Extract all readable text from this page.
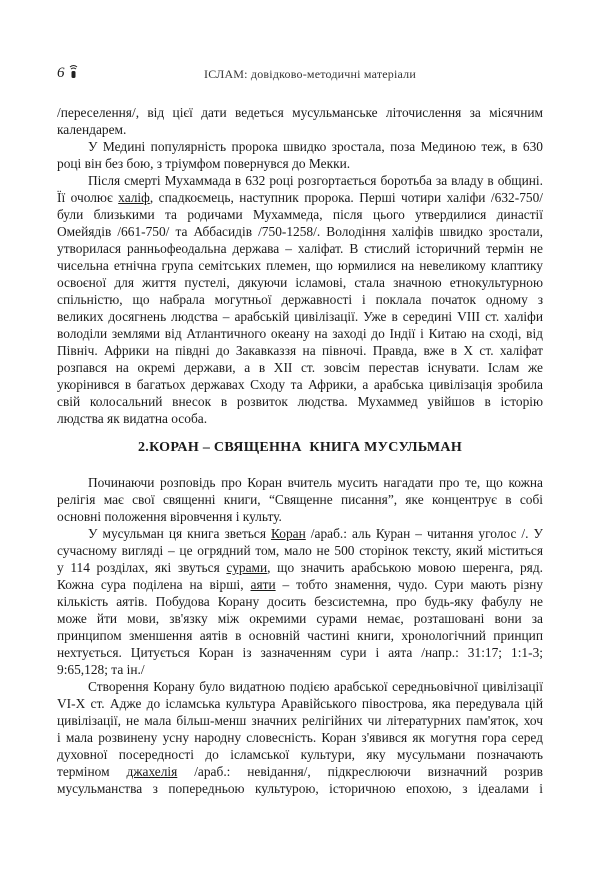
6	ІСЛАМ: довідково-методичні матеріали
/переселення/, від цієї дати ведеться мусульманське літочислення за місячним
календарем.
У Медині популярність пророка швидко зростала, поза Мединою теж, в 630
році він без бою, з тріумфом повернувся до Мекки.
Після смерті Мухаммада в 632 році розгортається боротьба за владу в общині.
Її очолює халіф, спадкоємець, наступник пророка. Перші чотири халіфи /632-750/
були близькими та родичами Мухаммеда, після цього утвердилися династії
Омейядів /661-750/ та Аббасидів /750-1258/. Володіння халіфів швидко зростали,
утворилася ранньофеодальна держава – халіфат. В стислий історичний термін не
чисельна етнічна група семітських племен, що юрмилися на невеликому клаптику
освоєної для життя пустелі, дякуючи ісламові, стала значною етнокультурною
спільністю, що набрала могутньої державності і поклала початок одному з
великих досягнень людства – арабській цивілізації. Уже в середині VIII ст. халіфи
володіли землями від Атлантичного океану на заході до Індії і Китаю на сході, від
Північ. Африки на півдні до Закавказзя на півночі. Правда, вже в X ст. халіфат
розпався на окремі держави, а в XII ст. зовсім перестав існувати. Іслам же
укорінився в багатьох державах Сходу та Африки, а арабська цивілізація зробила
свій колосальний внесок в розвиток людства. Мухаммед увійшов в історію
людства як видатна особа.
2.КОРАН – СВЯЩЕННА  КНИГА МУСУЛЬМАН
Починаючи розповідь про Коран вчитель мусить нагадати про те, що кожна
релігія має свої священні книги, “Священне писання”, яке концентрує в собі
основні положення віровчення і культу.
У мусульман ця книга зветься Коран /араб.: аль Куран – читання уголос /. У
сучасному вигляді – це огрядний том, мало не 500 сторінок тексту, який міститься
у 114 розділах, які звуться сурами, що значить арабською мовою шеренга, ряд.
Кожна сура поділена на вірші, аяти – тобто знамення, чудо. Сури мають різну
кількість аятів. Побудова Корану досить безсистемна, про будь-яку фабулу не
може йти мови, зв'язку між окремими сурами немає, розташовані вони за
принципом зменшення аятів в основній частині книги, хронологічний принцип
нехтується. Цитується Коран із зазначенням сури і аята /напр.: 31:17; 1:1-3;
9:65,128; та ін./
Створення Корану було видатною подією арабської середньовічної цивілізації
VI-X ст. Адже до ісламська культура Аравійського півострова, яка передувала цій
цивілізації, не мала більш-менш значних релігійних чи літературних пам'яток, хоч
і мала розвинену усну народну словесність. Коран з'явився як могутня гора серед
духовної посередності до ісламської культури, яку мусульмани позначають
терміном джахелія /араб.: невідання/, підкреслюючи визначний розрив
мусульманства з попередньою культурою, історичною епохою, з ідеалами і
